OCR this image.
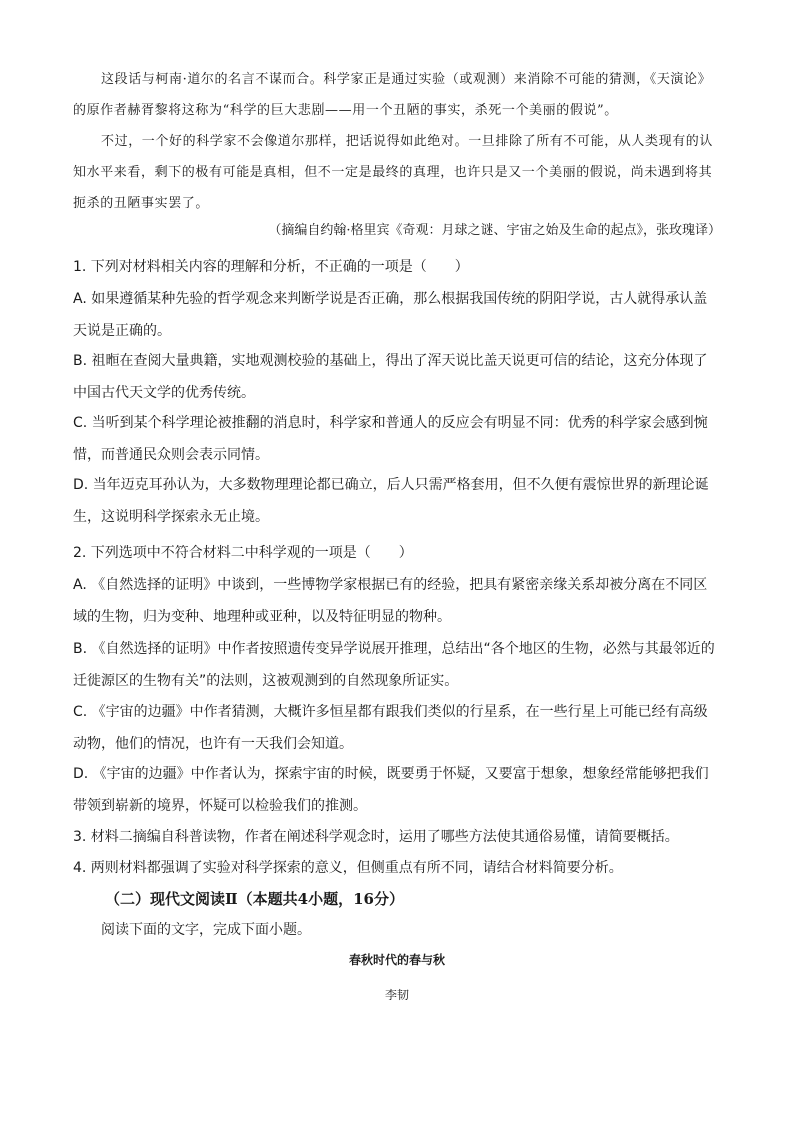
这段话与柯南·道尔的名言不谋而合。科学家正是通过实验（或观测）来消除不可能的猜测，《天演论》的原作者赫胥黎将这称为“科学的巨大悲剧——用一个丑陋的事实，杀死一个美丽的假说”。

不过，一个好的科学家不会像道尔那样，把话说得如此绝对。一旦排除了所有不可能，从人类现有的认知水平来看，剩下的极有可能是真相，但不一定是最终的真理，也许只是又一个美丽的假说，尚未遇到将其扼杀的丑陋事实罢了。

（摘编自约翰·格里宾《奇观：月球之谜、宇宙之始及生命的起点》，张玫瑰译）

1. 下列对材料相关内容的理解和分析，不正确的一项是（　　）

A. 如果遵循某种先验的哲学观念来判断学说是否正确，那么根据我国传统的阴阳学说，古人就得承认盖天说是正确的。

B. 祖暅在查阅大量典籍，实地观测校验的基础上，得出了浑天说比盖天说更可信的结论，这充分体现了中国古代天文学的优秀传统。

C. 当听到某个科学理论被推翻的消息时，科学家和普通人的反应会有明显不同：优秀的科学家会感到惋惜，而普通民众则会表示同情。

D. 当年迈克耳孙认为，大多数物理理论都已确立，后人只需严格套用，但不久便有震惊世界的新理论诞生，这说明科学探索永无止境。

2. 下列选项中不符合材料二中科学观的一项是（　　）

A. 《自然选择的证明》中谈到，一些博物学家根据已有的经验，把具有紧密亲缘关系却被分离在不同区域的生物，归为变种、地理种或亚种，以及特征明显的物种。

B. 《自然选择的证明》中作者按照遗传变异学说展开推理，总结出“各个地区的生物，必然与其最邻近的迁徙源区的生物有关”的法则，这被观测到的自然现象所证实。

C. 《宇宙的边疆》中作者猜测，大概许多恒星都有跟我们类似的行星系，在一些行星上可能已经有高级动物，他们的情况，也许有一天我们会知道。

D. 《宇宙的边疆》中作者认为，探索宇宙的时候，既要勇于怀疑，又要富于想象，想象经常能够把我们带领到崭新的境界，怀疑可以检验我们的推测。

3. 材料二摘编自科普读物，作者在阐述科学观念时，运用了哪些方法使其通俗易懂，请简要概括。

4. 两则材料都强调了实验对科学探索的意义，但侧重点有所不同，请结合材料简要分析。

（二）现代文阅读Ⅱ（本题共4小题，16分）

阅读下面的文字，完成下面小题。

春秋时代的春与秋

李韧
